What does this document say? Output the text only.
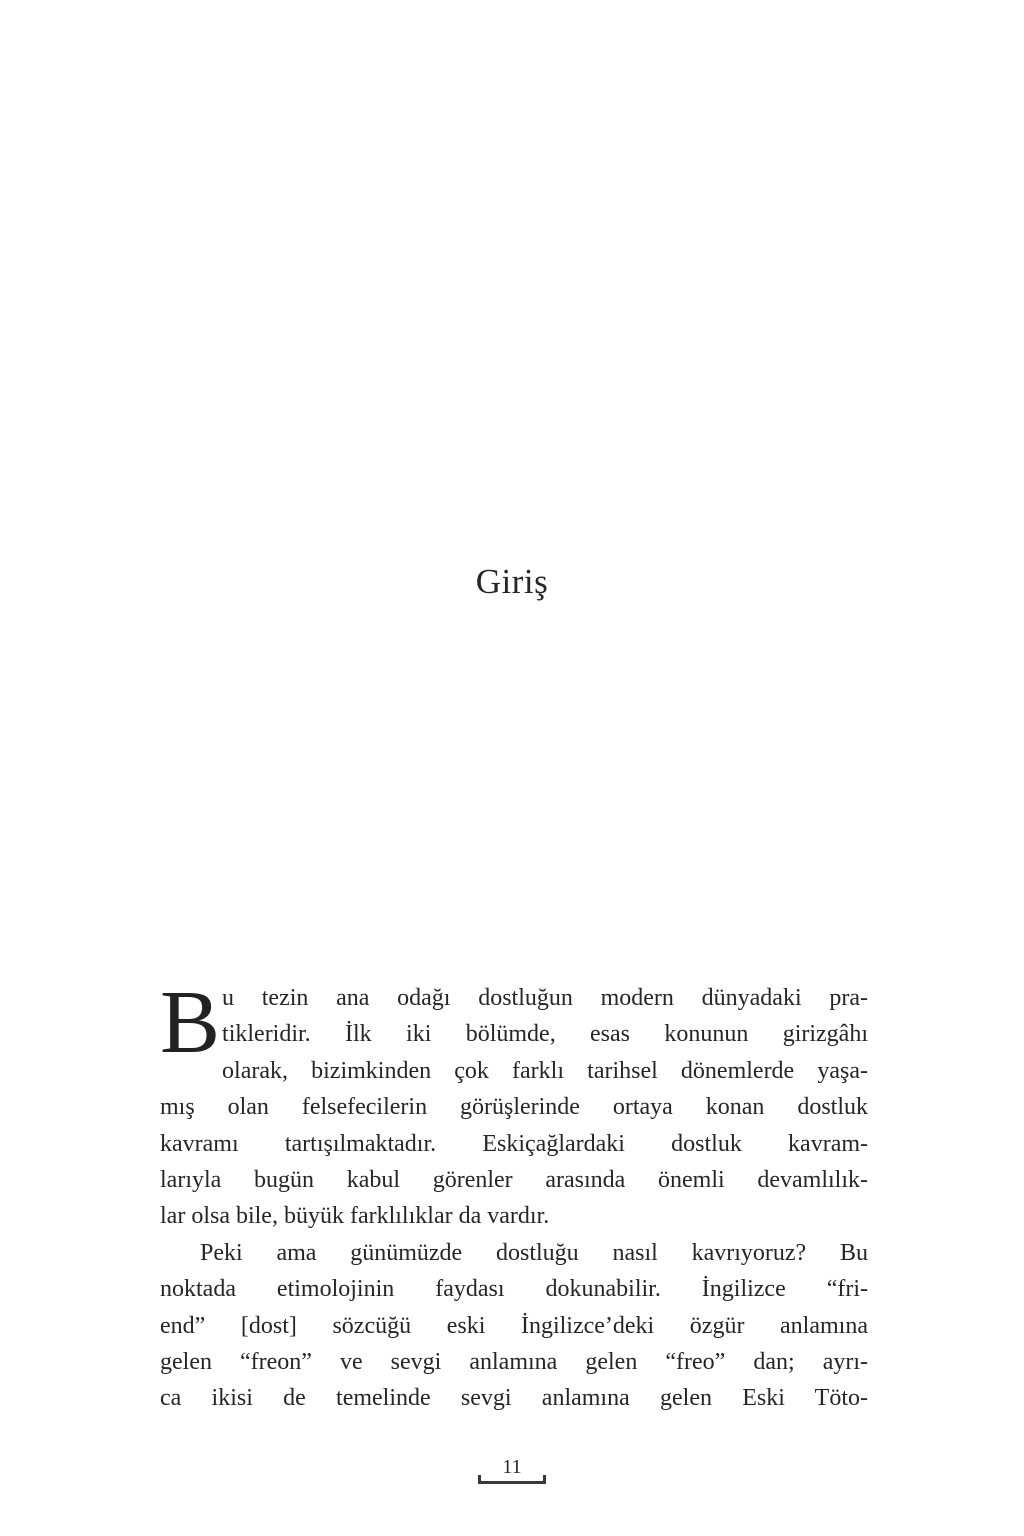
Giriş
B u tezin ana odağı dostluğun modern dünyadaki pra-
tikleridir. İlk iki bölümde, esas konunun girizgâhı
olarak, bizimkinden çok farklı tarihsel dönemlerde yaşa-
mış olan felsefecilerin görüşlerinde ortaya konan dostluk
kavramı tartışılmaktadır. Eskiçağlardaki dostluk kavram-
larıyla bugün kabul görenler arasında önemli devamlılık-
lar olsa bile, büyük farklılıklar da vardır.
Peki ama günümüzde dostluğu nasıl kavrıyoruz? Bu
noktada etimolojinin faydası dokunabilir. İngilizce “fri-
end” [dost] sözcüğü eski İngilizce’deki özgür anlamına
gelen “freon” ve sevgi anlamına gelen “freo” dan; ayrı-
ca ikisi de temelinde sevgi anlamına gelen Eski Töto-
11
